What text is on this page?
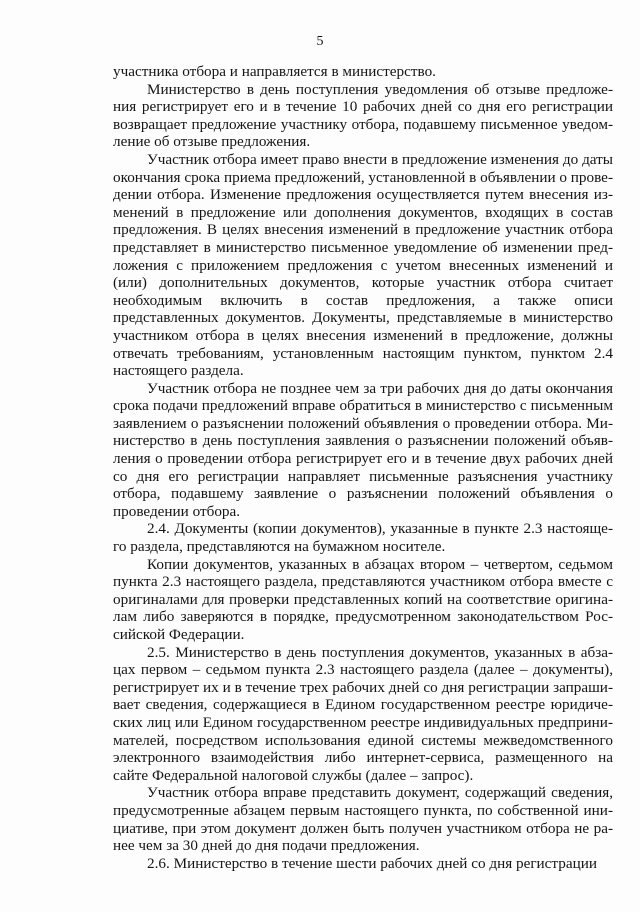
5

участника отбора и направляется в министерство.

Министерство в день поступления уведомления об отзыве предложения регистрирует его и в течение 10 рабочих дней со дня его регистрации возвращает предложение участнику отбора, подавшему письменное уведомление об отзыве предложения.

Участник отбора имеет право внести в предложение изменения до даты окончания срока приема предложений, установленной в объявлении о проведении отбора. Изменение предложения осуществляется путем внесения изменений в предложение или дополнения документов, входящих в состав предложения. В целях внесения изменений в предложение участник отбора представляет в министерство письменное уведомление об изменении предложения с приложением предложения с учетом внесенных изменений и (или) дополнительных документов, которые участник отбора считает необходимым включить в состав предложения, а также описи представленных документов. Документы, представляемые в министерство участником отбора в целях внесения изменений в предложение, должны отвечать требованиям, установленным настоящим пунктом, пунктом 2.4 настоящего раздела.

Участник отбора не позднее чем за три рабочих дня до даты окончания срока подачи предложений вправе обратиться в министерство с письменным заявлением о разъяснении положений объявления о проведении отбора. Министерство в день поступления заявления о разъяснении положений объявления о проведении отбора регистрирует его и в течение двух рабочих дней со дня его регистрации направляет письменные разъяснения участнику отбора, подавшему заявление о разъяснении положений объявления о проведении отбора.

2.4. Документы (копии документов), указанные в пункте 2.3 настоящего раздела, представляются на бумажном носителе.

Копии документов, указанных в абзацах втором – четвертом, седьмом пункта 2.3 настоящего раздела, представляются участником отбора вместе с оригиналами для проверки представленных копий на соответствие оригиналам либо заверяются в порядке, предусмотренном законодательством Российской Федерации.

2.5. Министерство в день поступления документов, указанных в абзацах первом – седьмом пункта 2.3 настоящего раздела (далее – документы), регистрирует их и в течение трех рабочих дней со дня регистрации запрашивает сведения, содержащиеся в Едином государственном реестре юридических лиц или Едином государственном реестре индивидуальных предпринимателей, посредством использования единой системы межведомственного электронного взаимодействия либо интернет-сервиса, размещенного на сайте Федеральной налоговой службы (далее – запрос).

Участник отбора вправе представить документ, содержащий сведения, предусмотренные абзацем первым настоящего пункта, по собственной инициативе, при этом документ должен быть получен участником отбора не ранее чем за 30 дней до дня подачи предложения.

2.6. Министерство в течение шести рабочих дней со дня регистрации
